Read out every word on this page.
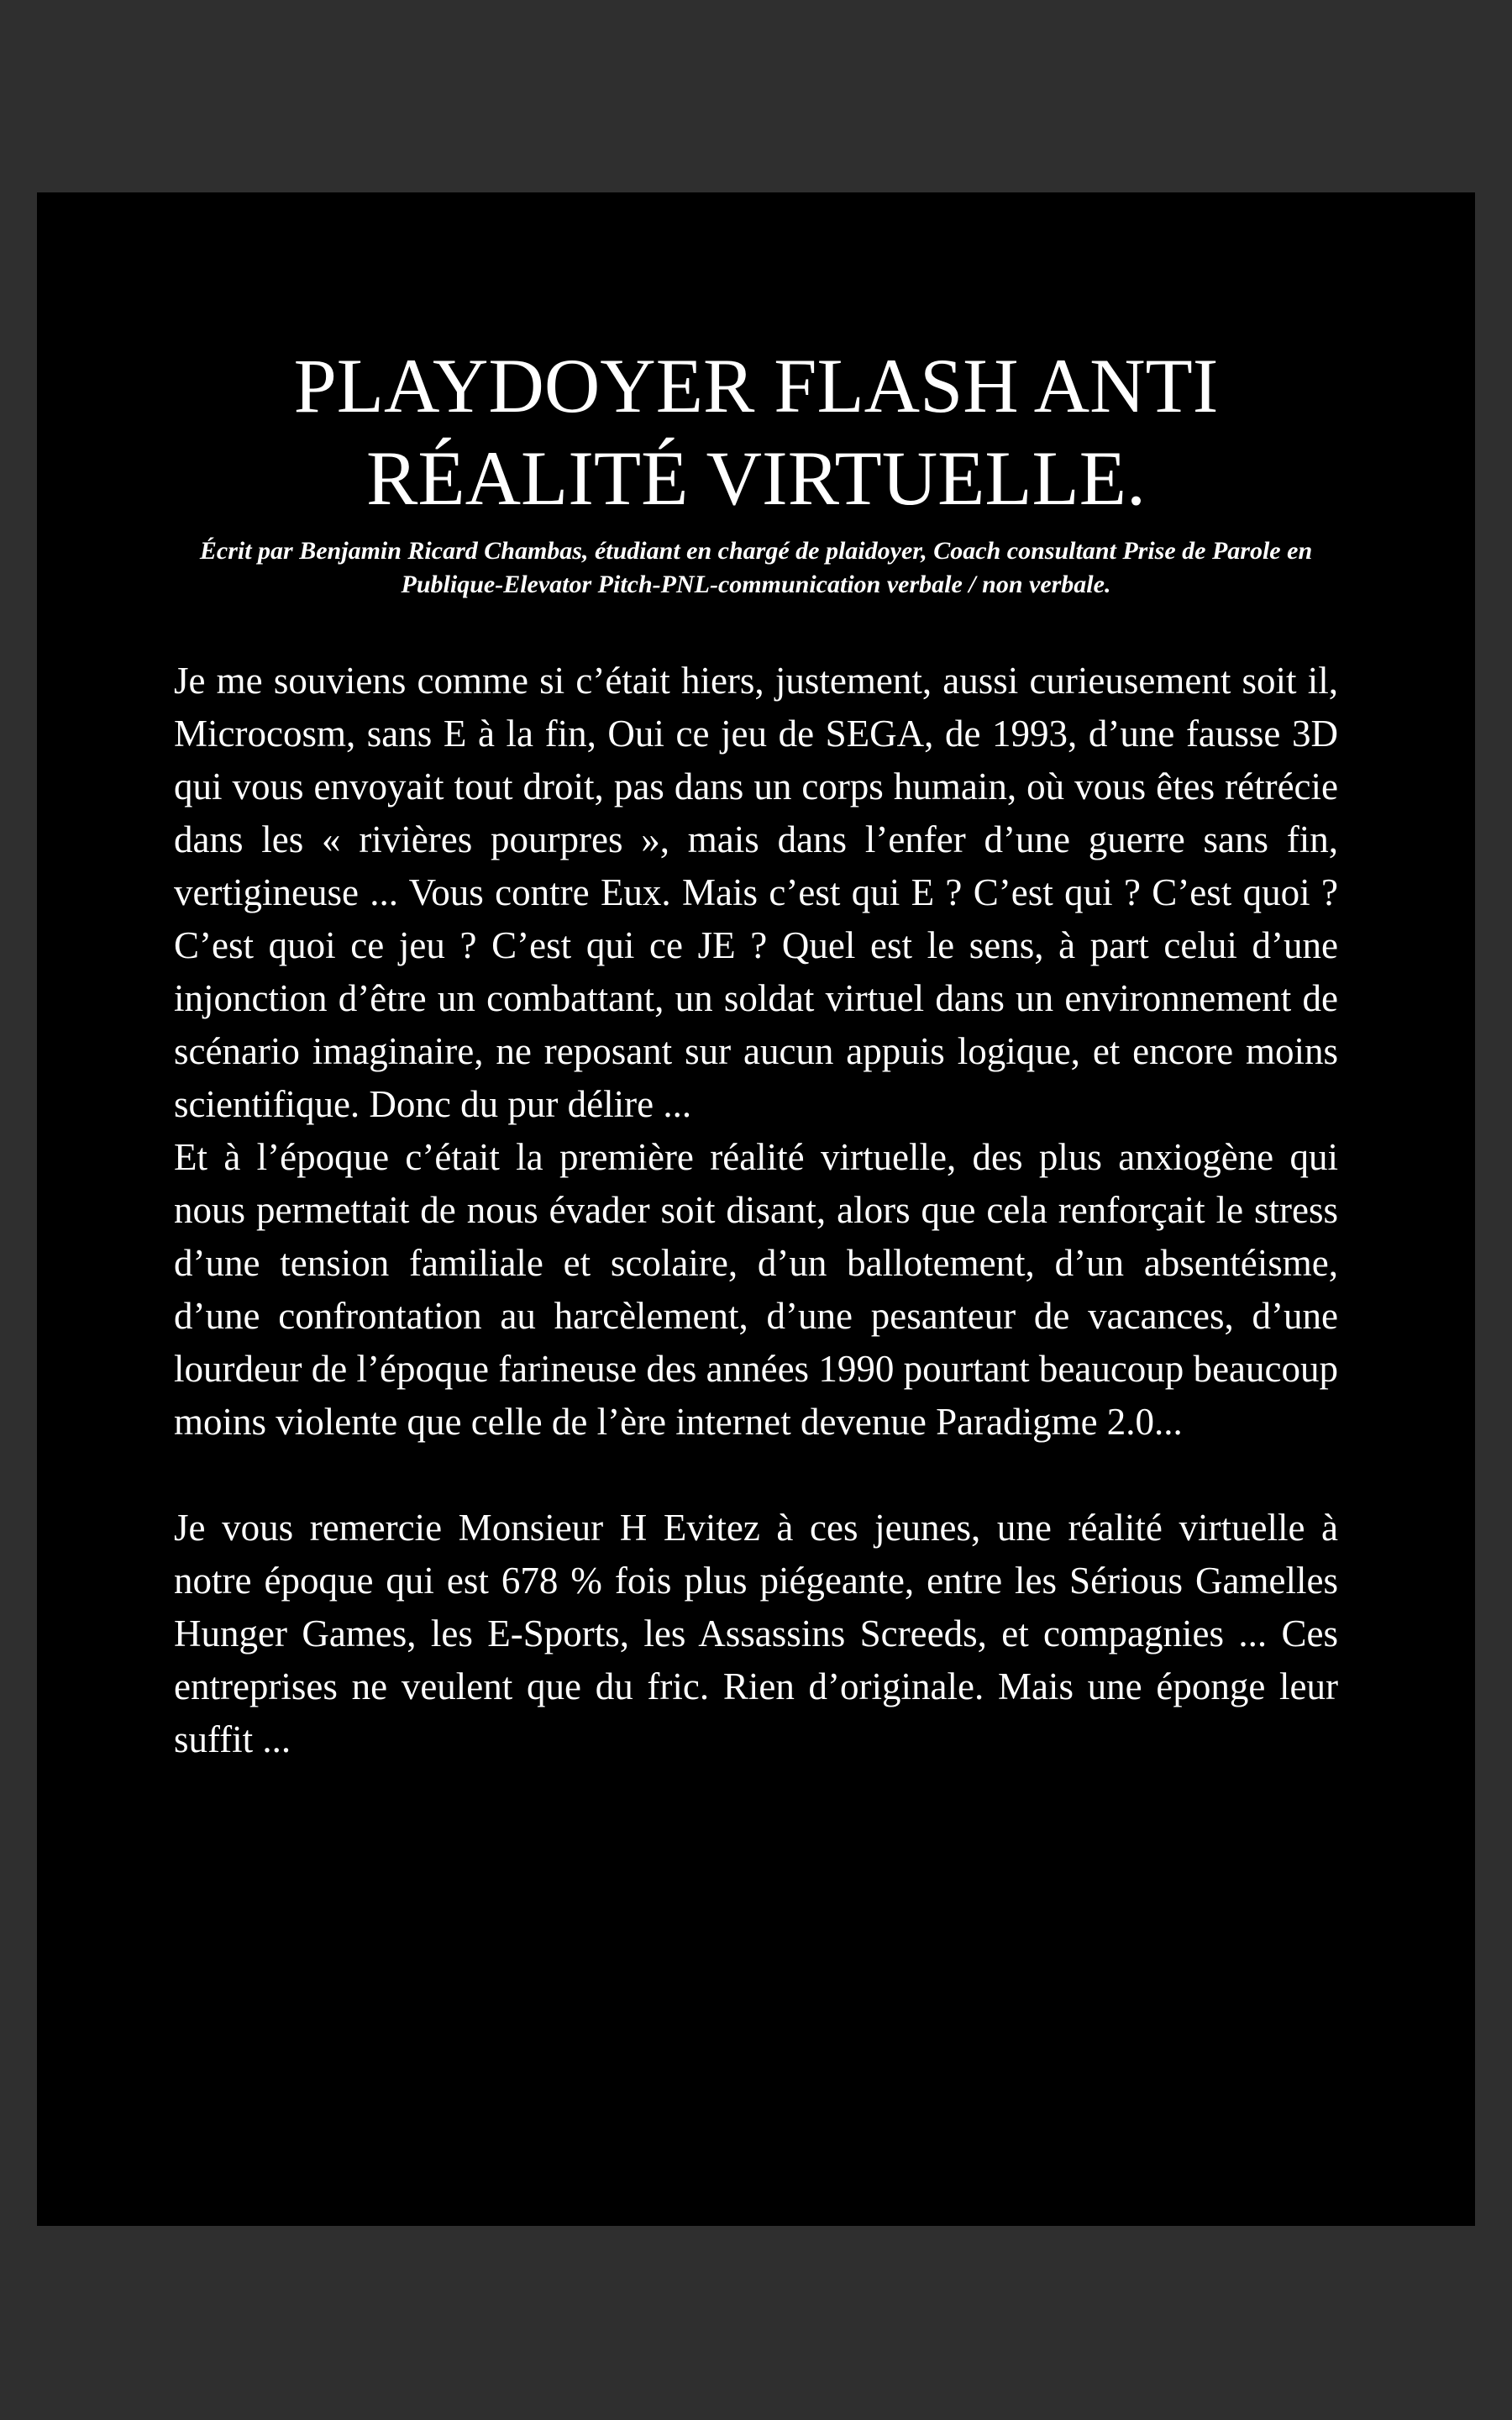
PLAYDOYER FLASH ANTI
RÉALITÉ VIRTUELLE.

Écrit par Benjamin Ricard Chambas, étudiant en chargé de plaidoyer, Coach consultant Prise de Parole en Publique-Elevator Pitch-PNL-communication verbale / non verbale.

Je me souviens comme si c’était hiers, justement, aussi curieusement soit il, Microcosm, sans E à la fin, Oui ce jeu de SEGA, de 1993, d’une fausse 3D qui vous envoyait tout droit, pas dans un corps humain, où vous êtes rétrécie dans les « rivières pourpres », mais dans l’enfer d’une guerre sans fin, vertigineuse ... Vous contre Eux. Mais c’est qui E ? C’est qui ? C’est quoi ? C’est quoi ce jeu ? C’est qui ce JE ? Quel est le sens, à part celui d’une injonction d’être un combattant, un soldat virtuel dans un environnement de scénario imaginaire, ne reposant sur aucun appuis logique, et encore moins scientifique. Donc du pur délire ...

Et à l’époque c’était la première réalité virtuelle, des plus anxiogène qui nous permettait de nous évader soit disant, alors que cela renforçait le stress d’une tension familiale et scolaire, d’un ballotement, d’un absentéisme, d’une confrontation au harcèlement, d’une pesanteur de vacances, d’une lourdeur de l’époque farineuse des années 1990 pourtant beaucoup beaucoup moins violente que celle de l’ère internet devenue Paradigme 2.0...

Je vous remercie Monsieur H Evitez à ces jeunes, une réalité virtuelle à notre époque qui est 678 % fois plus piégeante, entre les Sérious Gamelles Hunger Games, les E-Sports, les Assassins Screeds, et compagnies ... Ces entreprises ne veulent que du fric. Rien d’originale. Mais une éponge leur suffit ...
